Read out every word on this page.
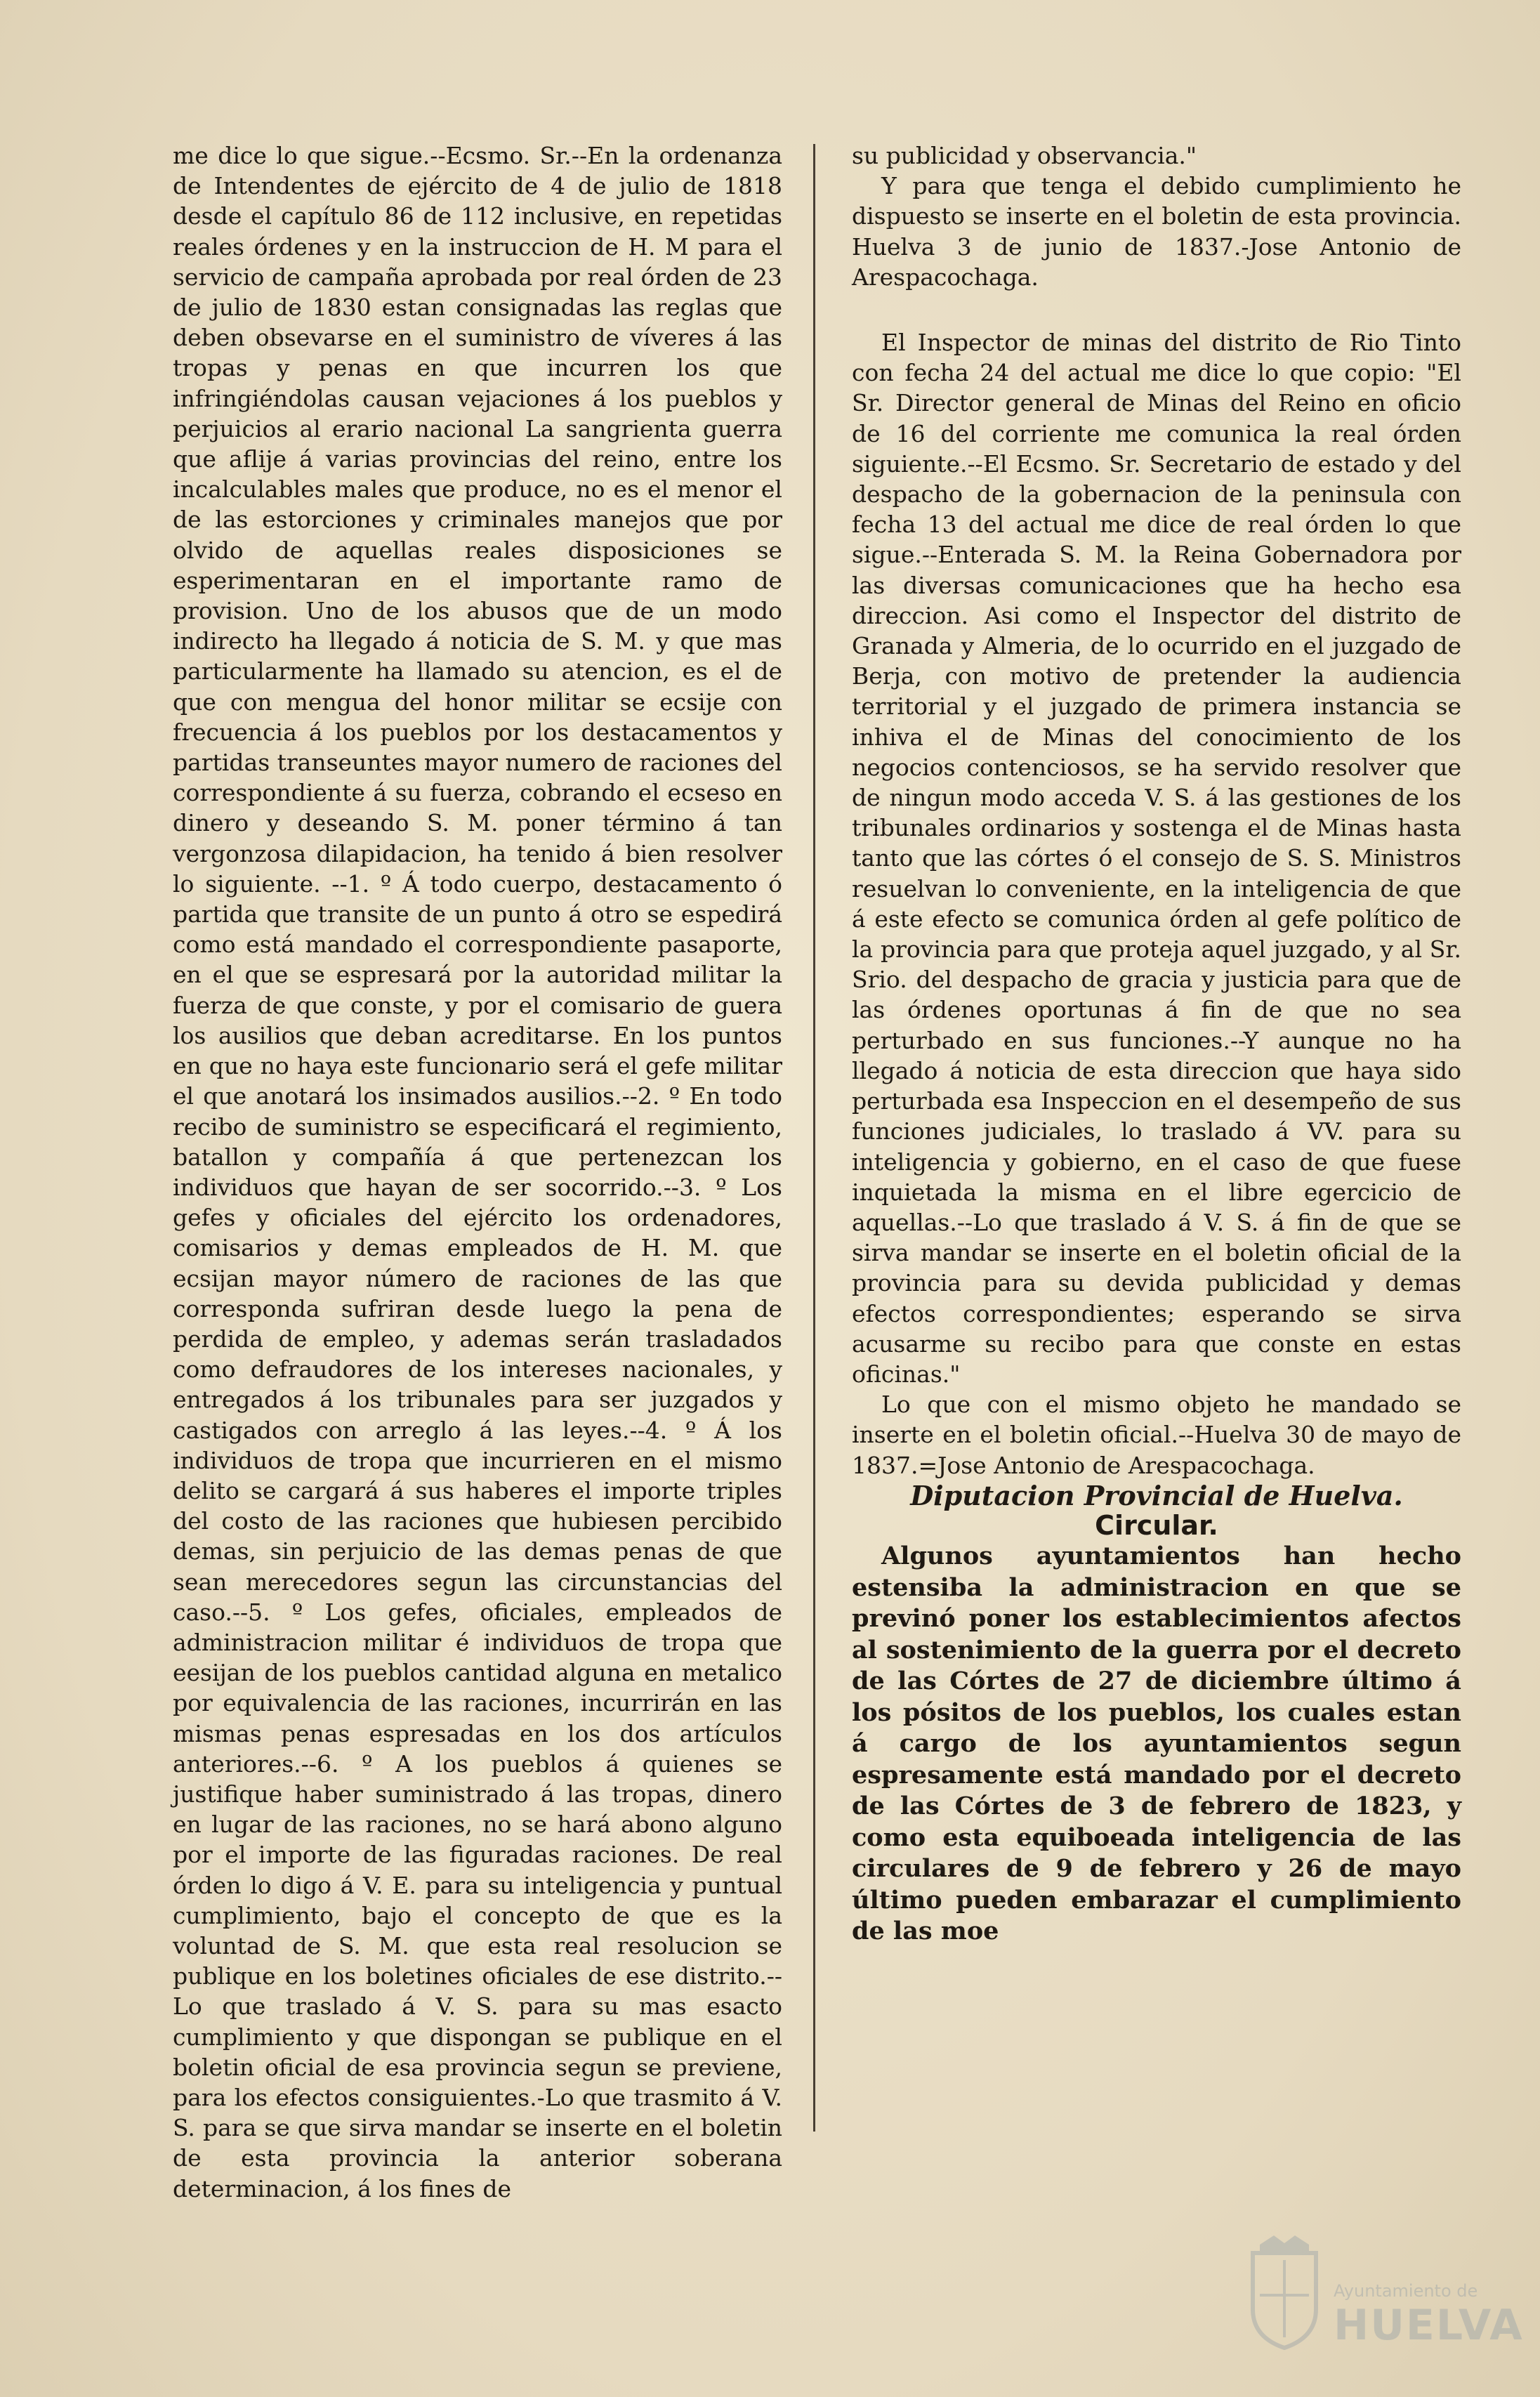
me dice lo que sigue.--Ecsmo. Sr.--En la ordenanza de Intendentes de ejército de 4 de julio de 1818 desde el capítulo 86 de 112 inclusive, en repetidas reales órdenes y en la instruccion de H. M para el servicio de campaña aprobada por real órden de 23 de julio de 1830 estan consignadas las reglas que deben obsevarse en el suministro de víveres á las tropas y penas en que incurren los que infringiéndolas causan vejaciones á los pueblos y perjuicios al erario nacional La sangrienta guerra que aflije á varias provincias del reino, entre los incalculables males que produce, no es el menor el de las estorciones y criminales manejos que por olvido de aquellas reales disposiciones se esperimentaran en el importante ramo de provision. Uno de los abusos que de un modo indirecto ha llegado á noticia de S. M. y que mas particularmente ha llamado su atencion, es el de que con mengua del honor militar se ecsije con frecuencia á los pueblos por los destacamentos y partidas transeuntes mayor numero de raciones del correspondiente á su fuerza, cobrando el ecseso en dinero y deseando S. M. poner término á tan vergonzosa dilapidacion, ha tenido á bien resolver lo siguiente. --1. º Á todo cuerpo, destacamento ó partida que transite de un punto á otro se espedirá como está mandado el correspondiente pasaporte, en el que se espresará por la autoridad militar la fuerza de que conste, y por el comisario de guera los ausilios que deban acreditarse. En los puntos en que no haya este funcionario será el gefe militar el que anotará los insimados ausilios.--2. º En todo recibo de suministro se especificará el regimiento, batallon y compañía á que pertenezcan los individuos que hayan de ser socorrido.--3. º Los gefes y oficiales del ejército los ordenadores, comisarios y demas empleados de H. M. que ecsijan mayor número de raciones de las que corresponda sufriran desde luego la pena de perdida de empleo, y ademas serán trasladados como defraudores de los intereses nacionales, y entregados á los tribunales para ser juzgados y castigados con arreglo á las leyes.--4. º Á los individuos de tropa que incurrieren en el mismo delito se cargará á sus haberes el importe triples del costo de las raciones que hubiesen percibido demas, sin perjuicio de las demas penas de que sean merecedores segun las circunstancias del caso.--5. º Los gefes, oficiales, empleados de administracion militar é individuos de tropa que eesijan de los pueblos cantidad alguna en metalico por equivalencia de las raciones, incurrirán en las mismas penas espresadas en los dos artículos anteriores.--6. º A los pueblos á quienes se justifique haber suministrado á las tropas, dinero en lugar de las raciones, no se hará abono alguno por el importe de las figuradas raciones. De real órden lo digo á V. E. para su inteligencia y puntual cumplimiento, bajo el concepto de que es la voluntad de S. M. que esta real resolucion se publique en los boletines oficiales de ese distrito.--Lo que traslado á V. S. para su mas esacto cumplimiento y que dispongan se publique en el boletin oficial de esa provincia segun se previene, para los efectos consiguientes.-Lo que trasmito á V. S. para se que sirva mandar se inserte en el boletin de esta provincia la anterior soberana determinacion, á los fines de

su publicidad y observancia."

Y para que tenga el debido cumplimiento he dispuesto se inserte en el boletin de esta provincia. Huelva 3 de junio de 1837.-Jose Antonio de Arespacochaga.

El Inspector de minas del distrito de Rio Tinto con fecha 24 del actual me dice lo que copio: "El Sr. Director general de Minas del Reino en oficio de 16 del corriente me comunica la real órden siguiente.--El Ecsmo. Sr. Secretario de estado y del despacho de la gobernacion de la peninsula con fecha 13 del actual me dice de real órden lo que sigue.--Enterada S. M. la Reina Gobernadora por las diversas comunicaciones que ha hecho esa direccion. Asi como el Inspector del distrito de Granada y Almeria, de lo ocurrido en el juzgado de Berja, con motivo de pretender la audiencia territorial y el juzgado de primera instancia se inhiva el de Minas del conocimiento de los negocios contenciosos, se ha servido resolver que de ningun modo acceda V. S. á las gestiones de los tribunales ordinarios y sostenga el de Minas hasta tanto que las córtes ó el consejo de S. S. Ministros resuelvan lo conveniente, en la inteligencia de que á este efecto se comunica órden al gefe político de la provincia para que proteja aquel juzgado, y al Sr. Srio. del despacho de gracia y justicia para que de las órdenes oportunas á fin de que no sea perturbado en sus funciones.--Y aunque no ha llegado á noticia de esta direccion que haya sido perturbada esa Inspeccion en el desempeño de sus funciones judiciales, lo traslado á VV. para su inteligencia y gobierno, en el caso de que fuese inquietada la misma en el libre egercicio de aquellas.--Lo que traslado á V. S. á fin de que se sirva mandar se inserte en el boletin oficial de la provincia para su devida publicidad y demas efectos correspondientes; esperando se sirva acusarme su recibo para que conste en estas oficinas."

Lo que con el mismo objeto he mandado se inserte en el boletin oficial.--Huelva 30 de mayo de 1837.=Jose Antonio de Arespacochaga.

Diputacion Provincial de Huelva.

Circular.

Algunos ayuntamientos han hecho estensiba la administracion en que se previnó poner los establecimientos afectos al sostenimiento de la guerra por el decreto de las Córtes de 27 de diciembre último á los pósitos de los pueblos, los cuales estan á cargo de los ayuntamientos segun espresamente está mandado por el decreto de las Córtes de 3 de febrero de 1823, y como esta equiboeada inteligencia de las circulares de 9 de febrero y 26 de mayo último pueden embarazar el cumplimiento de las moe

Ayuntamiento de
HUELVA
